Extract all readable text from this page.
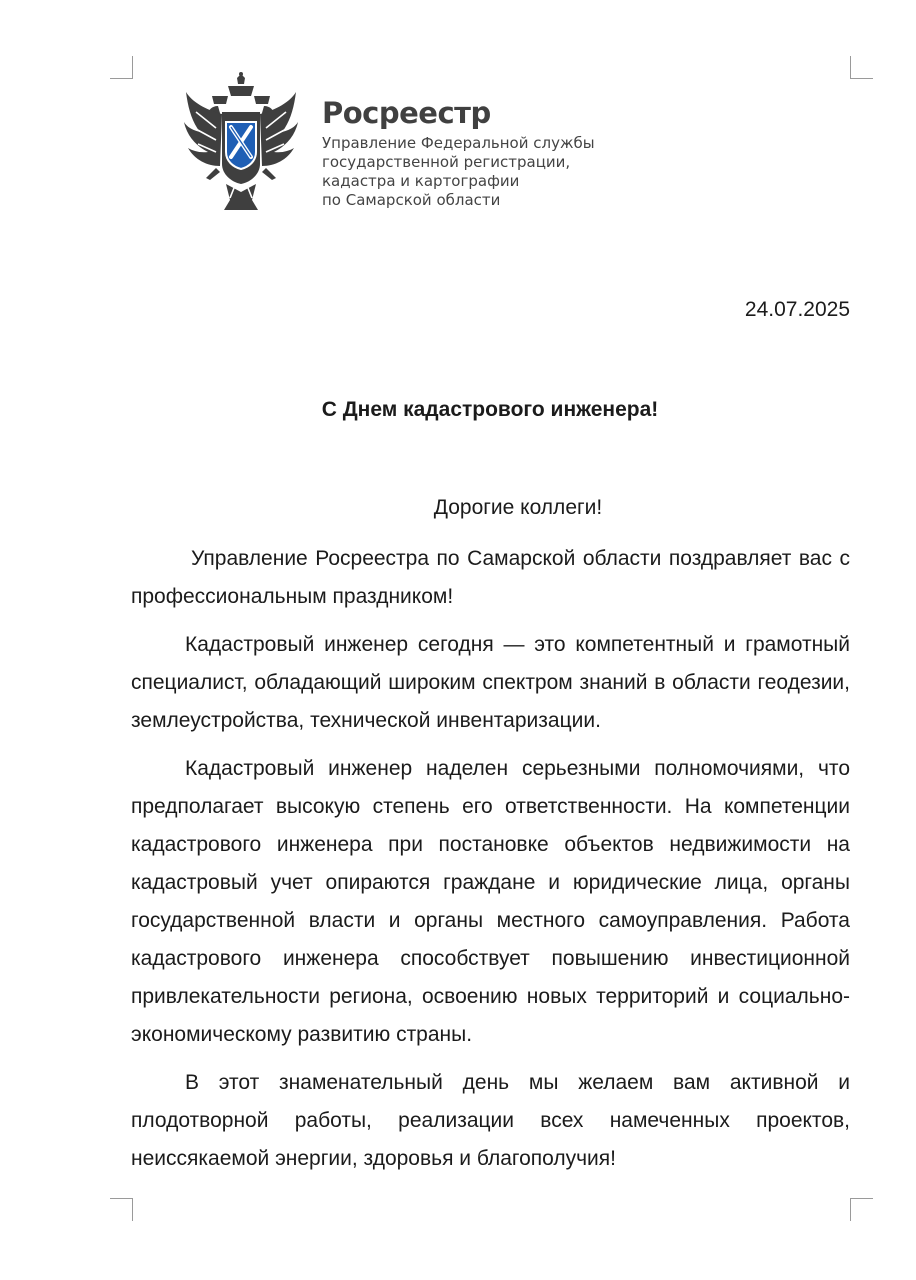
Росреестр
Управление Федеральной службы
государственной регистрации,
кадастра и картографии
по Самарской области
24.07.2025
С Днем кадастрового инженера!
Дорогие коллеги!

Управление Росреестра по Самарской области поздравляет вас с профессиональным праздником!

Кадастровый инженер сегодня — это компетентный и грамотный специалист, обладающий широким спектром знаний в области геодезии, землеустройства, технической инвентаризации.

Кадастровый инженер наделен серьезными полномочиями, что предполагает высокую степень его ответственности. На компетенции кадастрового инженера при постановке объектов недвижимости на кадастровый учет опираются граждане и юридические лица, органы государственной власти и органы местного самоуправления. Работа кадастрового инженера способствует повышению инвестиционной привлекательности региона, освоению новых территорий и социально-экономическому развитию страны.

В этот знаменательный день мы желаем вам активной и плодотворной работы, реализации всех намеченных проектов, неиссякаемой энергии, здоровья и благополучия!
